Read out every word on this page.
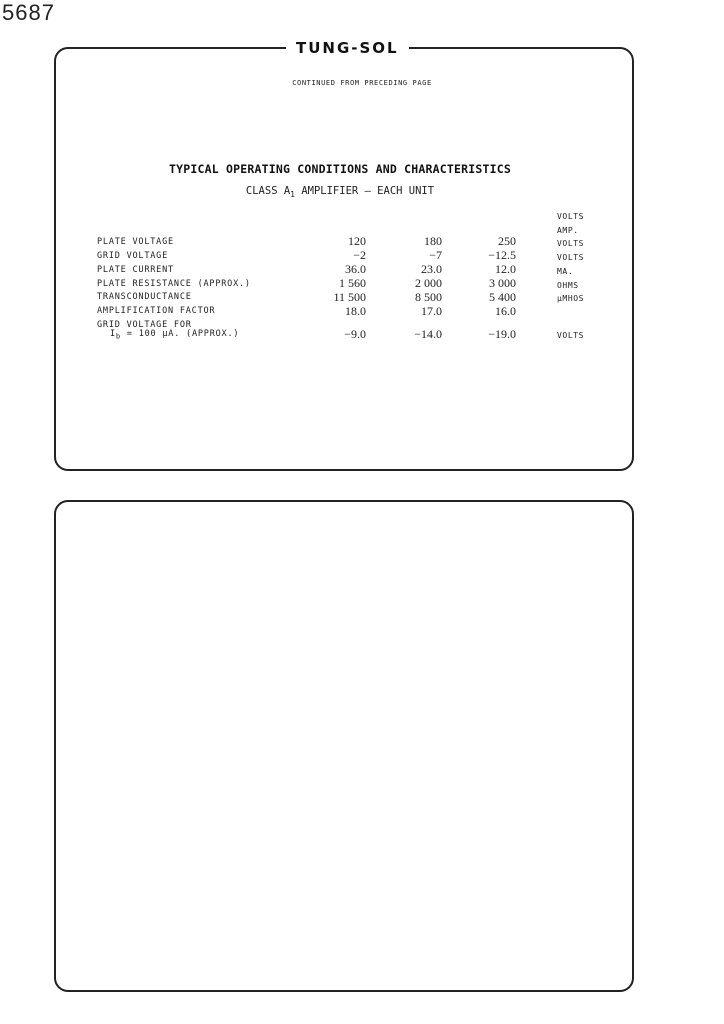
5687
TUNG-SOL
CONTINUED FROM PRECEDING PAGE
TYPICAL OPERATING CONDITIONS AND CHARACTERISTICS
CLASS $A_1$ AMPLIFIER – EACH UNIT
VOLTS
AMP.
PLATE VOLTAGE	120	180	250	VOLTS
GRID VOLTAGE	−2	−7	−12.5	VOLTS
PLATE CURRENT	36.0	23.0	12.0	MA.
PLATE RESISTANCE (APPROX.)	1 560	2 000	3 000	OHMS
TRANSCONDUCTANCE	11 500	8 500	5 400	μMHOS
AMPLIFICATION FACTOR	18.0	17.0	16.0
GRID VOLTAGE FOR
$I_b = 100$ μA. (APPROX.)	−9.0	−14.0	−19.0	VOLTS
